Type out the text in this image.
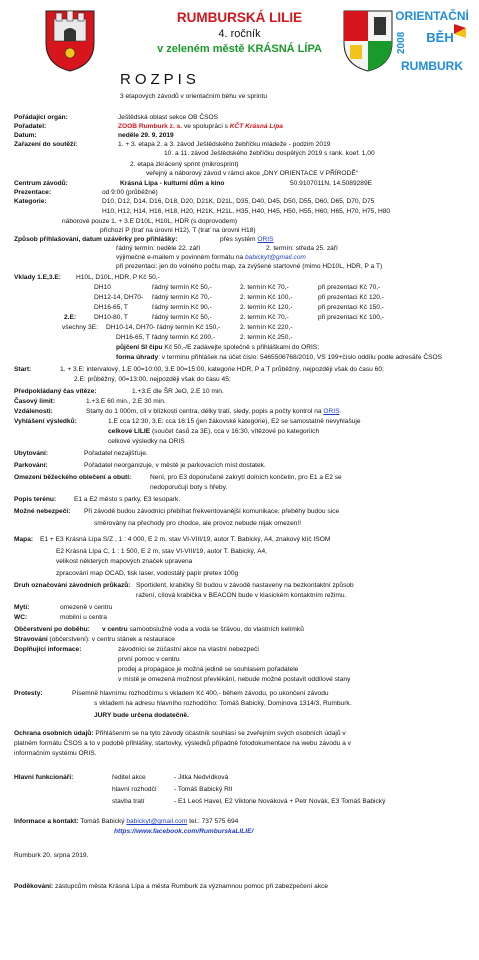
ORIENTAČNÍ
BĚH
RUMBURK
2008
RUMBURSKÁ LILIE
4. ročník
v zeleném městě KRÁSNÁ LÍPA
ROZPIS
3 etapových závodů v orientačním běhu ve sprintu
Pořádající orgán:	Ještědská oblast sekce OB ČSOS
Pořadatel:	ZOOB Rumburk z. s. ve spolupráci s KČT Krásná Lípa
Datum:	neděle 29. 9. 2019
Zařazení do soutěží:	1. + 3. etapa 2. a 3. závod Ještědského žebříčku mládeže - podzim 2019
10. a 11. závod Ještědského žebříčku dospělých 2019 s rank. koef. 1,00
2. etapa zkrácený sprint (mikrosprint)
veřejný a náborový závod v rámci akce „DNY ORIENTACE V PŘÍRODĚ“
Centrum závodů:	Krásná Lípa - kulturní dům a kino	50.9107011N, 14.5089289E
Prezentace:	od 9:00 (průběžně)
Kategorie:	D10, D12, D14, D16, D18, D20, D21K, D21L, D35, D40, D45, D50, D55, D60, D65, D70, D75
H10, H12, H14, H16, H18, H20, H21K, H21L, H35, H40, H45, H50, H55, H60, H65, H70, H75, H80
náborové pouze 1. + 3.E D10L, H10L, HDR (s doprovodem)
příchozí P (trať na úrovni H12), T (trať na úrovni H18)
Způsob přihlašování, datum uzávěrky pro přihlášky:	přes systém ORIS
řádný termín: neděle 22. září	2. termín: středa 25. září
výjimečně e-mailem v povinném formátu na babickyt@gmail.com
při prezentaci: jen do volného počtu map, za zvýšené startovné (mimo HD10L, HDR, P a T)
Vklady 1.E,3.E: H10L, D10L, HDR, P Kč 50,-
DH10	řádný termín Kč 50,-	2. termín Kč 70,-	při prezentaci Kč 70,-
DH12-14, DH70- řádný termín Kč 70,-	2. termín Kč 100,-	při prezentaci Kč 120,-
DH16-65, T	řádný termín Kč 90,-	2. termín Kč 120,-	při prezentaci Kč 150,-
2.E:	DH10-80, T	řádný termín Kč 50,-	2. termín Kč 70,-	při prezentaci Kč 100,-
všechny 3E: DH10-14, DH70- řádný termín Kč 150,-	2. termín Kč 220,-
DH16-65, T řádný termín Kč 200,-	2. termín Kč 250,-
půjčení SI čipu Kč 50,-/E zadávejte společně s přihláškami do ORIS;
forma úhrady: v termínu přihlášek na účet číslo: 5465506768/2010, VS 199+číslo oddílu podle adresáře ČSOS
Start:	1. + 3.E: intervalový, 1.E 00=10:00, 3.E 00=15:00, kategorie HDR, P a T průběžný, nejpozději však do času 60;
2.E: průběžný, 00=13:00, nejpozději však do času 45;
Předpokládaný čas vítěze:	1.+3.E dle ŠR JeO, 2.E 10 min.
Časový limit:	1.+3.E 60 min., 2.E 30 min.
Vzdálenosti:	Starty do 1 000m, cíl v blízkosti centra, délky tratí, sledy, popis a počty kontrol na ORIS.
Vyhlášení výsledků:	1.E cca 12:30, 3.E: cca 16:15 (jen žákovské kategorie), E2 se samostatně nevyhlašuje
celkové LILIE (součet časů za 3E), cca v 16:30, vítězové po kategoriích
celkové výsledky na ORIS
Ubytování:	Pořadatel nezajišťuje.
Parkování:	Pořadatel neorganizuje, v městě je parkovacích míst dostatek.
Omezení běžeckého oblečení a obutí:	Není, pro E3 doporučené zakrytí dolních končetin, pro E1 a E2 se
nedoporučují boty s hřeby.
Popis terénu:	E1 a E2 město s parky, E3 lesopark.
Možné nebezpečí: Při závodě budou závodníci přebíhat frekventovanější komunikace, přeběhy budou sice
směrovány na přechody pro chodce, ale provoz nebude nijak omezen!!
Mapa: E1 + E3 Krásná Lípa S/Z , 1 : 4 000, E 2 m, stav VI-VIII/19, autor T. Babický, A4, znakový klíč ISOM
E2 Krásná Lípa C, 1 : 1 500, E 2 m, stav VI-VIII/19, autor T. Babický, A4,
velikost některých mapových značek upravena
zpracování map OCAD, tisk laser, vodostálý papír pretex 100g
Druh označování závodních průkazů: Sportident, krabičky SI budou v závodě nastaveny na bezkontaktní způsob
ražení, cílová krabička v BEACON bude v klasickém kontaktním režimu.
Mytí:	omezeně v centru
WC:	mobilní u centra
Občerstvení po doběhu: v centru samoobslužně voda a voda se šťávou, do vlastních kelímků
Stravování (občerstvení): v centru stánek a restaurace
Doplňující informace:	závodníci se zúčastní akce na vlastní nebezpečí
první pomoc v centru
prodej a propagace je možná jedině se souhlasem pořadatele
v místě je omezená možnost převlékání, nebude možné postavit oddílové stany
Protesty:	Písemně hlavnímu rozhodčímu s vkladem Kč 400,- během závodu, po ukončení závodu
s vkladem na adresu hlavního rozhodčího: Tomáš Babický, Dominova 1314/3, Rumburk.
JURY bude určena dodatečně.
Ochrana osobních údajů: Přihlášením se na tyto závody účastník souhlasí se zveřejním svých osobních údajů v
platném formátu ČSOS a to v podobě přihlášky, startovky, výsledků případně fotodokumentace na webu závodu a v
informačním systému ORIS.
Hlavní funkcionáři:	ředitel akce	- Jitka Nedvídková
hlavní rozhodčí	- Tomáš Babický RII
stavba tratí	- E1 Leoš Havel, E2 Viktorie Nováková + Petr Novák, E3 Tomáš Babický
Informace a kontakt: Tomáš Babický babickyt@gmail.com tel.: 737 575 694
https://www.facebook.com/RumburskaLILIE/
Rumburk 20. srpna 2019.
Poděkování: zástupcům města Krásná Lípa a města Rumburk za významnou pomoc při zabezpečení akce
